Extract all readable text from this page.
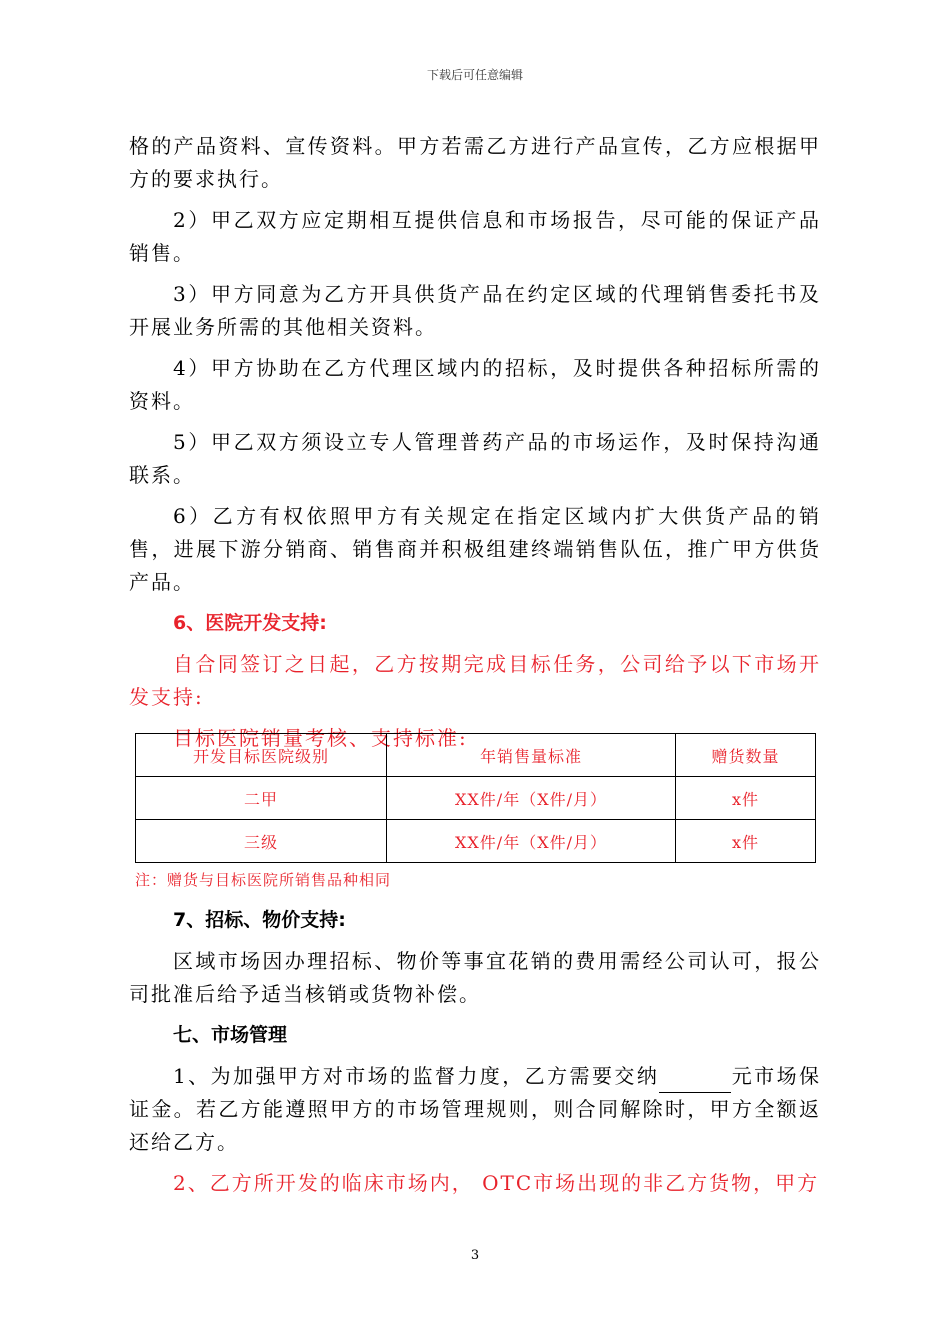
下载后可任意编辑

格的产品资料、宣传资料。甲方若需乙方进行产品宣传，乙方应根据甲方的要求执行。

2）甲乙双方应定期相互提供信息和市场报告，尽可能的保证产品销售。

3）甲方同意为乙方开具供货产品在约定区域的代理销售委托书及开展业务所需的其他相关资料。

4）甲方协助在乙方代理区域内的招标，及时提供各种招标所需的资料。

5）甲乙双方须设立专人管理普药产品的市场运作，及时保持沟通联系。

6）乙方有权依照甲方有关规定在指定区域内扩大供货产品的销售，进展下游分销商、销售商并积极组建终端销售队伍，推广甲方供货产品。

6、医院开发支持:

自合同签订之日起，乙方按期完成目标任务，公司给予以下市场开发支持:

目标医院销量考核、支持标准:

开发目标医院级别	年销售量标准	赠货数量
二甲	XX件/年（X件/月）	x件
三级	XX件/年（X件/月）	x件
注：赠货与目标医院所销售品种相同
7、招标、物价支持:

区域市场因办理招标、物价等事宜花销的费用需经公司认可，报公司批准后给予适当核销或货物补偿。

七、市场管理

1、为加强甲方对市场的监督力度，乙方需要交纳	元市场保证金。若乙方能遵照甲方的市场管理规则，则合同解除时，甲方全额返还给乙方。

2、乙方所开发的临床市场内， OTC市场出现的非乙方货物，甲方

3
